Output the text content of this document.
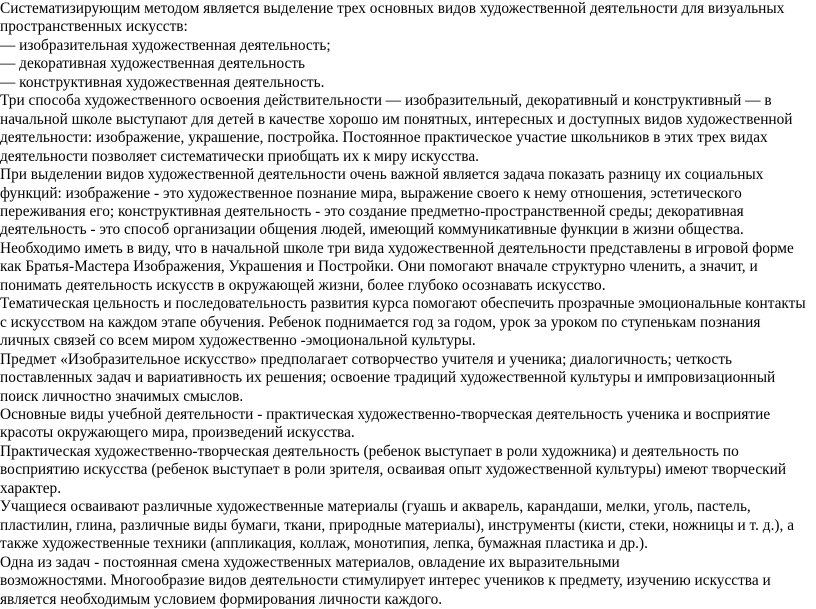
Систематизирующим методом является выделение трех основных видов художественной деятельности для визуальных пространственных искусств:

— изобразительная художественная деятельность;

— декоративная художественная деятельность

— конструктивная художественная деятельность.

Три способа художественного освоения действительности — изобразительный, декоративный и конструктивный — в начальной школе выступают для детей в качестве хорошо им понятных, интересных и доступных видов художественной деятельности: изображение, украшение, постройка. Постоянное практическое участие школьников в этих трех видах деятельности позволяет систематически приобщать их к миру искусства.

При выделении видов художественной деятельности очень важной является задача показать разницу их социальных функций: изображение - это художественное познание мира, выражение своего к нему отношения, эстетического переживания его; конструктивная деятельность - это создание предметно-пространственной среды; декоративная деятельность - это способ организации общения людей, имеющий коммуникативные функции в жизни общества.

Необходимо иметь в виду, что в начальной школе три вида художественной деятельности представлены в игровой форме как Братья-Мастера Изображения, Украшения и Постройки. Они помогают вначале структурно членить, а значит, и понимать деятельность искусств в окружающей жизни, более глубоко осознавать искусство.

Тематическая цельность и последовательность развития курса помогают обеспечить прозрачные эмоциональные контакты с искусством на каждом этапе обучения. Ребенок поднимается год за годом, урок за уроком по ступенькам познания личных связей со всем миром художественно -эмоциональной культуры.

Предмет «Изобразительное искусство» предполагает сотворчество учителя и ученика; диалогичность; четкость поставленных задач и вариативность их решения; освоение традиций художественной культуры и импровизационный поиск личностно значимых смыслов.

Основные виды учебной деятельности - практическая художественно-творческая деятельность ученика и восприятие красоты окружающего мира, произведений искусства.

Практическая художественно-творческая деятельность (ребенок выступает в роли художника) и деятельность по восприятию искусства (ребенок выступает в роли зрителя, осваивая опыт художественной культуры) имеют творческий характер.

Учащиеся осваивают различные художественные материалы (гуашь и акварель, карандаши, мелки, уголь, пастель, пластилин, глина, различные виды бумаги, ткани, природные материалы), инструменты (кисти, стеки, ножницы и т. д.), а также художественные техники (аппликация, коллаж, монотипия, лепка, бумажная пластика и др.).

Одна из задач - постоянная смена художественных материалов, овладение их выразительными
возможностями. Многообразие видов деятельности стимулирует интерес учеников к предмету, изучению искусства и является необходимым условием формирования личности каждого.
